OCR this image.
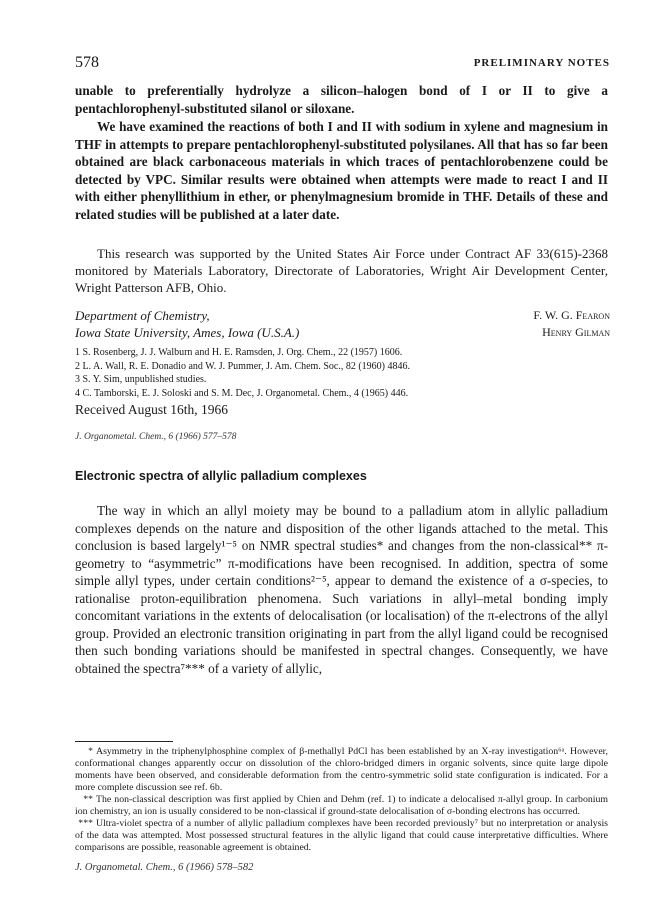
578	PRELIMINARY NOTES

unable to preferentially hydrolyze a silicon–halogen bond of I or II to give a pentachlorophenyl-substituted silanol or siloxane.

We have examined the reactions of both I and II with sodium in xylene and magnesium in THF in attempts to prepare pentachlorophenyl-substituted polysilanes. All that has so far been obtained are black carbonaceous materials in which traces of pentachlorobenzene could be detected by VPC. Similar results were obtained when attempts were made to react I and II with either phenyllithium in ether, or phenylmagnesium bromide in THF. Details of these and related studies will be published at a later date.

This research was supported by the United States Air Force under Contract AF 33(615)-2368 monitored by Materials Laboratory, Directorate of Laboratories, Wright Air Development Center, Wright Patterson AFB, Ohio.

Department of Chemistry,
Iowa State University, Ames, Iowa (U.S.A.)
F. W. G. Fearon
Henry Gilman
1 S. Rosenberg, J. J. Walburn and H. E. Ramsden, J. Org. Chem., 22 (1957) 1606.
2 L. A. Wall, R. E. Donadio and W. J. Pummer, J. Am. Chem. Soc., 82 (1960) 4846.
3 S. Y. Sim, unpublished studies.
4 C. Tamborski, E. J. Soloski and S. M. Dec, J. Organometal. Chem., 4 (1965) 446.
Received August 16th, 1966
J. Organometal. Chem., 6 (1966) 577–578
Electronic spectra of allylic palladium complexes

The way in which an allyl moiety may be bound to a palladium atom in allylic palladium complexes depends on the nature and disposition of the other ligands attached to the metal. This conclusion is based largely¹⁻⁵ on NMR spectral studies* and changes from the non-classical** π-geometry to “asymmetric” π-modifications have been recognised. In addition, spectra of some simple allyl types, under certain conditions²⁻⁵, appear to demand the existence of a σ-species, to rationalise proton-equilibration phenomena. Such variations in allyl–metal bonding imply concomitant variations in the extents of delocalisation (or localisation) of the π-electrons of the allyl group. Provided an electronic transition originating in part from the allyl ligand could be recognised then such bonding variations should be manifested in spectral changes. Consequently, we have obtained the spectra⁷*** of a variety of allylic,

* Asymmetry in the triphenylphosphine complex of β-methallyl PdCl has been established by an X-ray investigation⁶ᵃ. However, conformational changes apparently occur on dissolution of the chloro-bridged dimers in organic solvents, since quite large dipole moments have been observed, and considerable deformation from the centro-symmetric solid state configuration is indicated. For a more complete discussion see ref. 6b.

** The non-classical description was first applied by Chien and Dehm (ref. 1) to indicate a delocalised π-allyl group. In carbonium ion chemistry, an ion is usually considered to be non-classical if ground-state delocalisation of σ-bonding electrons has occurred.

*** Ultra-violet spectra of a number of allylic palladium complexes have been recorded previously⁷ but no interpretation or analysis of the data was attempted. Most possessed structural features in the allylic ligand that could cause interpretative difficulties. Where comparisons are possible, reasonable agreement is obtained.

J. Organometal. Chem., 6 (1966) 578–582
